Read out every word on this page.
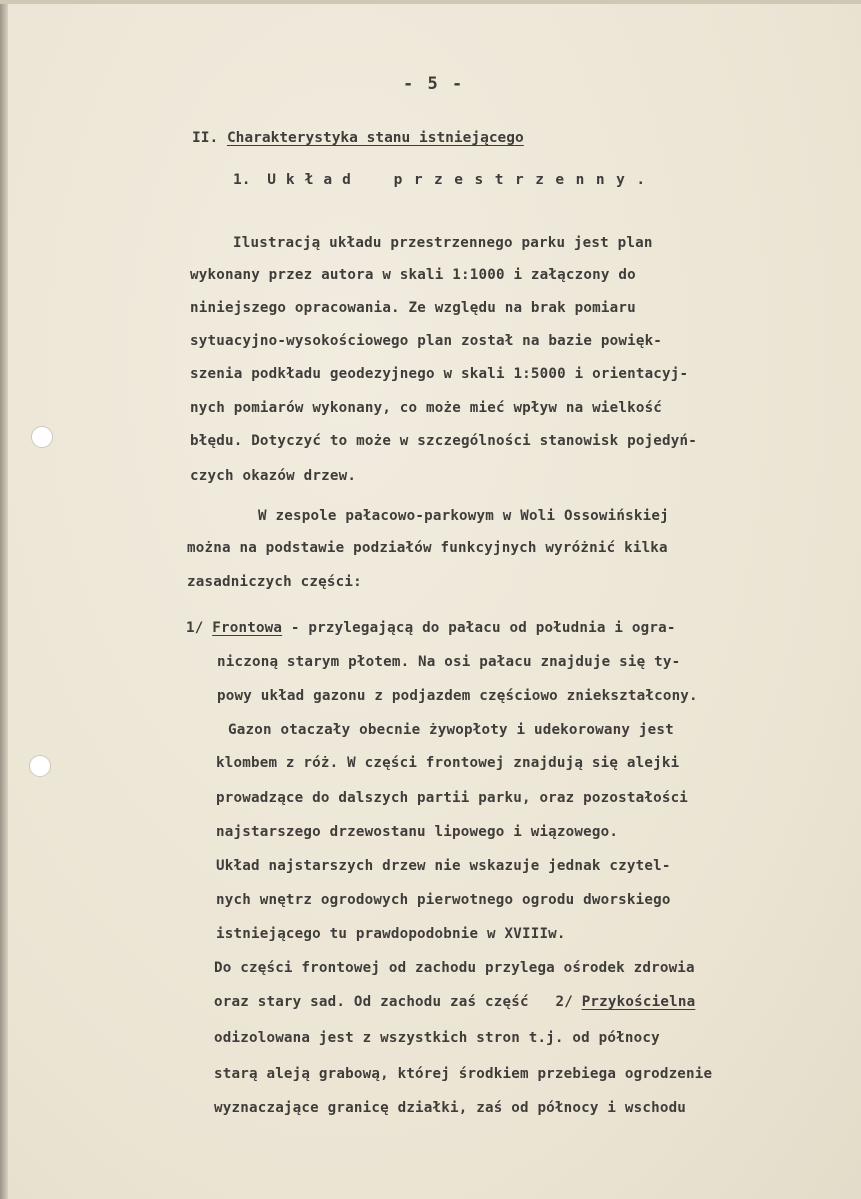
- 5 -
II. Charakterystyka stanu istniejącego
1. Układ przestrzenny.
Ilustracją układu przestrzennego parku jest plan
wykonany przez autora w skali 1:1000 i załączony do
niniejszego opracowania. Ze względu na brak pomiaru
sytuacyjno-wysokościowego plan został na bazie powięk-
szenia podkładu geodezyjnego w skali 1:5000 i orientacyj-
nych pomiarów wykonany, co może mieć wpływ na wielkość
błędu. Dotyczyć to może w szczególności stanowisk pojedyń-
czych okazów drzew.
W zespole pałacowo-parkowym w Woli Ossowińskiej
można na podstawie podziałów funkcyjnych wyróżnić kilka
zasadniczych części:
1/ Frontowa - przylegającą do pałacu od południa i ogra-
niczoną starym płotem. Na osi pałacu znajduje się ty-
powy układ gazonu z podjazdem częściowo zniekształcony.
Gazon otaczały obecnie żywopłoty i udekorowany jest
klombem z róż. W części frontowej znajdują się alejki
prowadzące do dalszych partii parku, oraz pozostałości
najstarszego drzewostanu lipowego i wiązowego.
Układ najstarszych drzew nie wskazuje jednak czytel-
nych wnętrz ogrodowych pierwotnego ogrodu dworskiego
istniejącego tu prawdopodobnie w XVIIIw.
Do części frontowej od zachodu przylega ośrodek zdrowia
oraz stary sad. Od zachodu zaś część 2/ Przykościelna
odizolowana jest z wszystkich stron t.j. od północy
starą aleją grabową, której środkiem przebiega ogrodzenie
wyznaczające granicę działki, zaś od północy i wschodu
